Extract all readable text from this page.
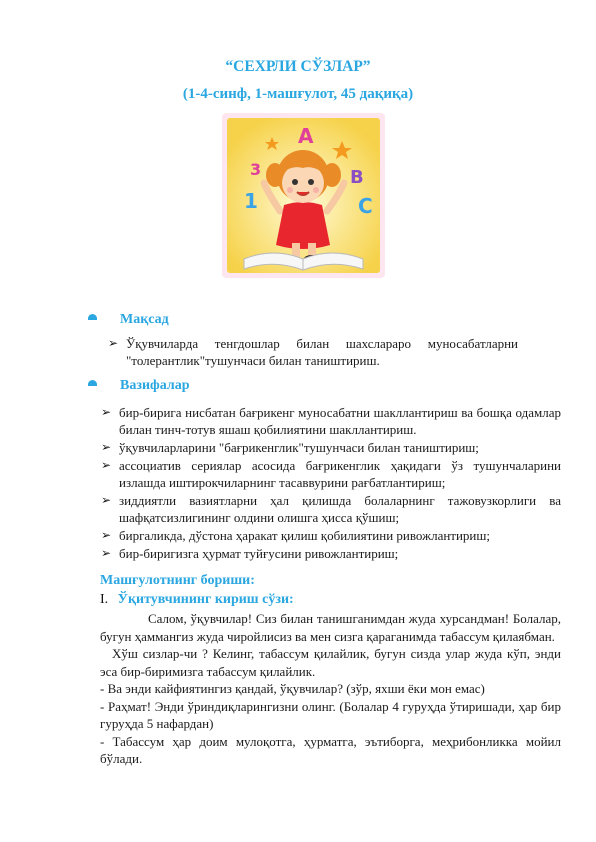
“СЕХРЛИ СЎЗЛАР”
(1-4-синф, 1-машғулот, 45 дақиқа)
3
1
A
B
C
Мақсад
➢ Ўқувчиларда тенгдошлар билан шахслараро муносабатларни "толерантлик"тушунчаси билан таништириш.
Вазифалар
➢ бир-бирига нисбатан бағрикенг муносабатни шакллантириш ва бошқа одамлар билан тинч-тотув яшаш қобилиятини шакллантириш.
➢ ўқувчиларларини "бағрикенглик"тушунчаси билан таништириш;
➢ ассоциатив сериялар асосида бағрикенглик ҳақидаги ўз тушунчаларини излашда иштирокчиларнинг тасаввурини рағбатлантириш;
➢ зиддиятли вазиятларни ҳал қилишда болаларнинг тажовузкорлиги ва шафқатсизлигининг олдини олишга ҳисса қўшиш;
➢ биргаликда, дўстона ҳаракат қилиш қобилиятини ривожлантириш;
➢ бир-биригизга ҳурмат туйғусини ривожлантириш;
Машғулотнинг бориши:
I. Ўқитувчининг кириш сўзи:

Салом, ўқувчилар! Сиз билан танишганимдан жуда хурсандман! Болалар, бугун ҳаммангиз жуда чиройлисиз ва мен сизга қараганимда табассум қилаябман.

Хўш сизлар-чи ? Келинг, табассум қилайлик, бугун сизда улар жуда кўп, энди эса бир-биримизга табассум қилайлик.

- Ва энди кайфиятингиз қандай, ўқувчилар? (зўр, яхши ёки мон емас)

- Раҳмат! Энди ўриндиқларингизни олинг. (Болалар 4 гуруҳда ўтиришади, ҳар бир гуруҳда 5 нафардан)

- Табассум ҳар доим мулоқотга, ҳурматга, эътиборга, меҳрибонликка мойил бўлади.
